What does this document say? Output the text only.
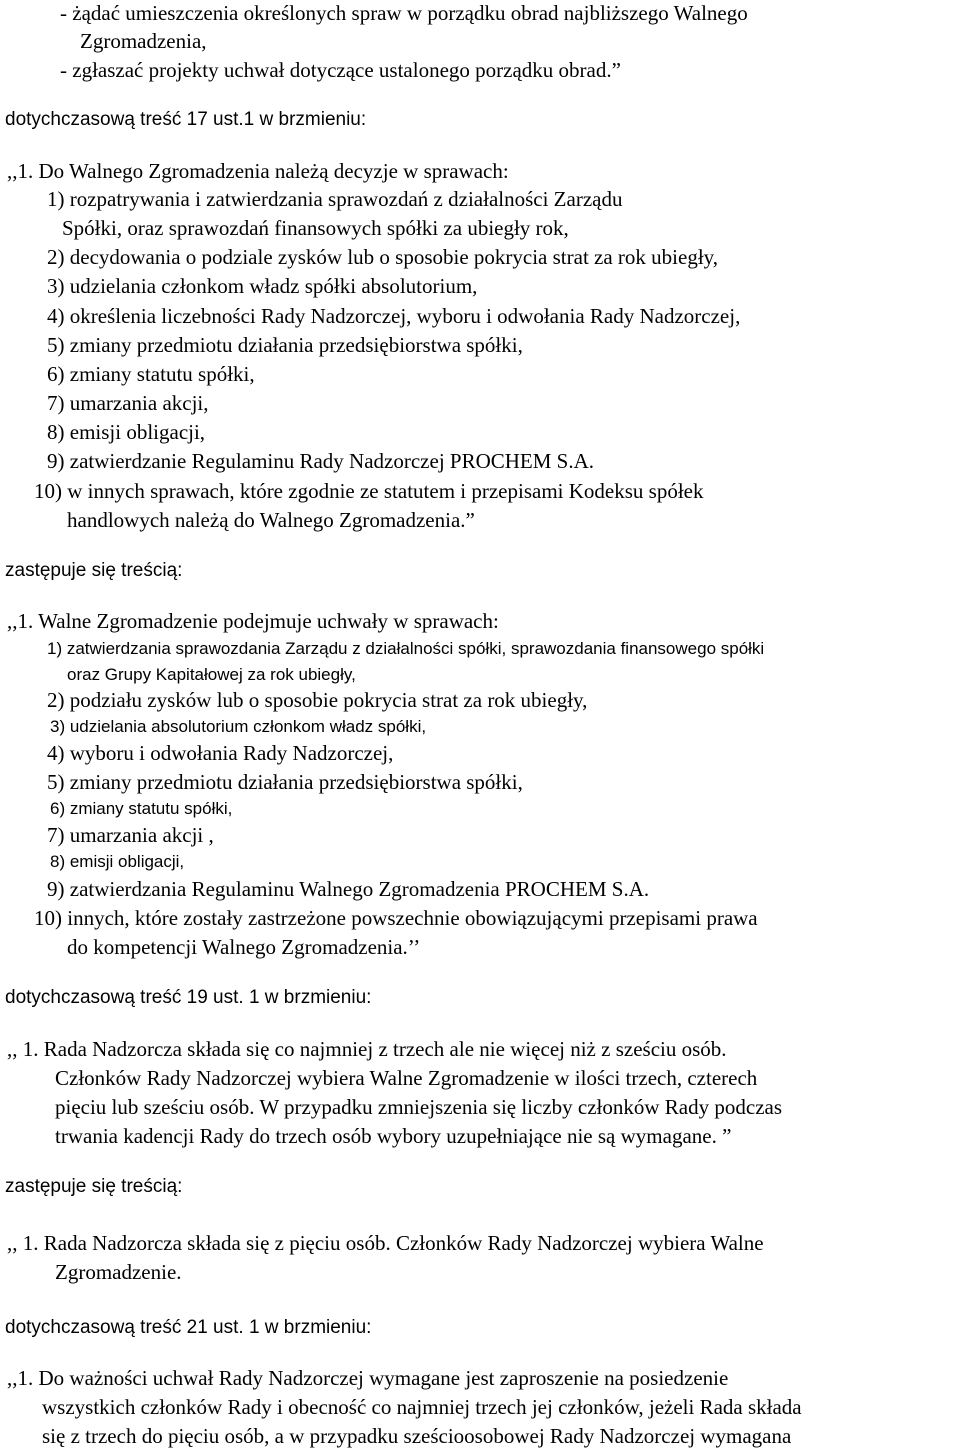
- żądać umieszczenia określonych spraw w porządku obrad najbliższego Walnego
Zgromadzenia,
- zgłaszać projekty uchwał dotyczące ustalonego porządku obrad.”
dotychczasową treść 17 ust.1 w brzmieniu:
,,1. Do Walnego Zgromadzenia należą decyzje w sprawach:
1) rozpatrywania i zatwierdzania sprawozdań z działalności Zarządu
Spółki, oraz sprawozdań finansowych spółki za ubiegły rok,
2) decydowania o podziale zysków lub o sposobie pokrycia strat za rok ubiegły,
3) udzielania członkom władz spółki absolutorium,
4) określenia liczebności Rady Nadzorczej, wyboru i odwołania Rady Nadzorczej,
5) zmiany przedmiotu działania przedsiębiorstwa spółki,
6) zmiany statutu spółki,
7) umarzania akcji,
8) emisji obligacji,
9) zatwierdzanie Regulaminu Rady Nadzorczej PROCHEM S.A.
10) w innych sprawach, które zgodnie ze statutem i przepisami Kodeksu spółek
handlowych należą do Walnego Zgromadzenia.”
zastępuje się treścią:
,,1. Walne Zgromadzenie podejmuje uchwały w sprawach:
1) zatwierdzania sprawozdania Zarządu z działalności spółki, sprawozdania finansowego spółki
oraz Grupy Kapitałowej za rok ubiegły,
2) podziału zysków lub o sposobie pokrycia strat za rok ubiegły,
3) udzielania absolutorium członkom władz spółki,
4) wyboru i odwołania Rady Nadzorczej,
5) zmiany przedmiotu działania przedsiębiorstwa spółki,
6) zmiany statutu spółki,
7) umarzania akcji ,
8) emisji obligacji,
9) zatwierdzania Regulaminu Walnego Zgromadzenia PROCHEM S.A.
10) innych, które zostały zastrzeżone powszechnie obowiązującymi przepisami prawa
do kompetencji Walnego Zgromadzenia.’’
dotychczasową treść 19 ust. 1 w brzmieniu:
,, 1. Rada Nadzorcza składa się co najmniej z trzech ale nie więcej niż z sześciu osób.
Członków Rady Nadzorczej wybiera Walne Zgromadzenie w ilości trzech, czterech
pięciu lub sześciu osób. W przypadku zmniejszenia się liczby członków Rady podczas
trwania kadencji Rady do trzech osób wybory uzupełniające nie są wymagane. ”
zastępuje się treścią:
,, 1. Rada Nadzorcza składa się z pięciu osób. Członków Rady Nadzorczej wybiera Walne
Zgromadzenie.
dotychczasową treść 21 ust. 1 w brzmieniu:
,,1. Do ważności uchwał Rady Nadzorczej wymagane jest zaproszenie na posiedzenie
wszystkich członków Rady i obecność co najmniej trzech jej członków, jeżeli Rada składa
się z trzech do pięciu osób, a w przypadku sześcioosobowej Rady Nadzorczej wymagana
